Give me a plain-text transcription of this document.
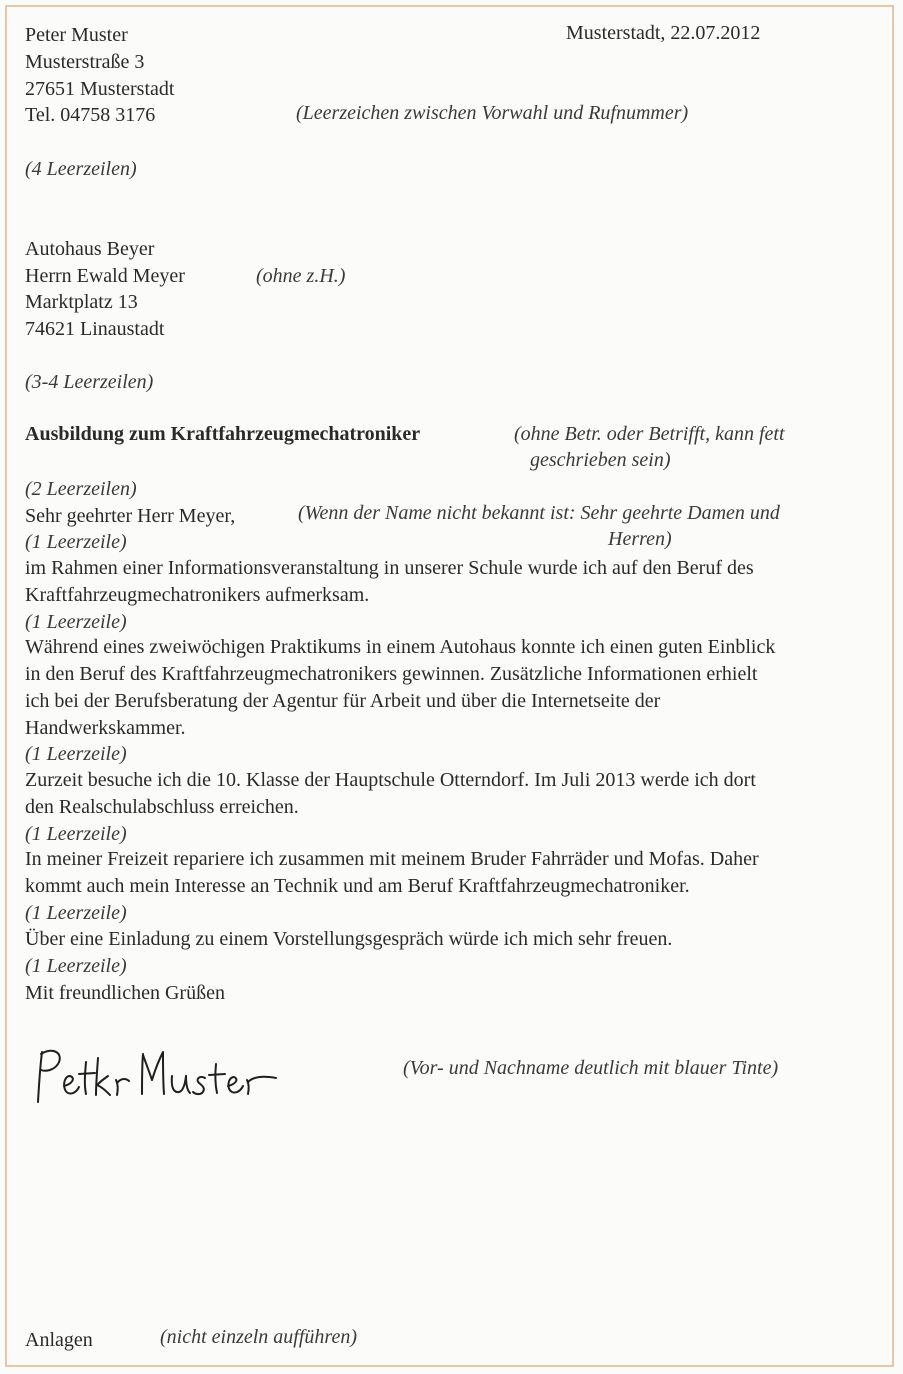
Peter Muster
Musterstraße 3
27651 Musterstadt
Tel. 04758 3176
Musterstadt, 22.07.2012
(Leerzeichen zwischen Vorwahl und Rufnummer)
(4 Leerzeilen)
Autohaus Beyer
Herrn Ewald Meyer	(ohne z.H.)
Marktplatz 13
74621 Linaustadt
(3-4 Leerzeilen)
Ausbildung zum Kraftfahrzeugmechatroniker	(ohne Betr. oder Betrifft, kann fett
geschrieben sein)
(2 Leerzeilen)
Sehr geehrter Herr Meyer,	(Wenn der Name nicht bekannt ist: Sehr geehrte Damen und
(1 Leerzeile)	Herren)
im Rahmen einer Informationsveranstaltung in unserer Schule wurde ich auf den Beruf des
Kraftfahrzeugmechatronikers aufmerksam.
(1 Leerzeile)
Während eines zweiwöchigen Praktikums in einem Autohaus konnte ich einen guten Einblick
in den Beruf des Kraftfahrzeugmechatronikers gewinnen. Zusätzliche Informationen erhielt
ich bei der Berufsberatung der Agentur für Arbeit und über die Internetseite der
Handwerkskammer.
(1 Leerzeile)
Zurzeit besuche ich die 10. Klasse der Hauptschule Otterndorf. Im Juli 2013 werde ich dort
den Realschulabschluss erreichen.
(1 Leerzeile)
In meiner Freizeit repariere ich zusammen mit meinem Bruder Fahrräder und Mofas. Daher
kommt auch mein Interesse an Technik und am Beruf Kraftfahrzeugmechatroniker.
(1 Leerzeile)
Über eine Einladung zu einem Vorstellungsgespräch würde ich mich sehr freuen.
(1 Leerzeile)
Mit freundlichen Grüßen
(Vor- und Nachname deutlich mit blauer Tinte)
Anlagen	(nicht einzeln aufführen)
